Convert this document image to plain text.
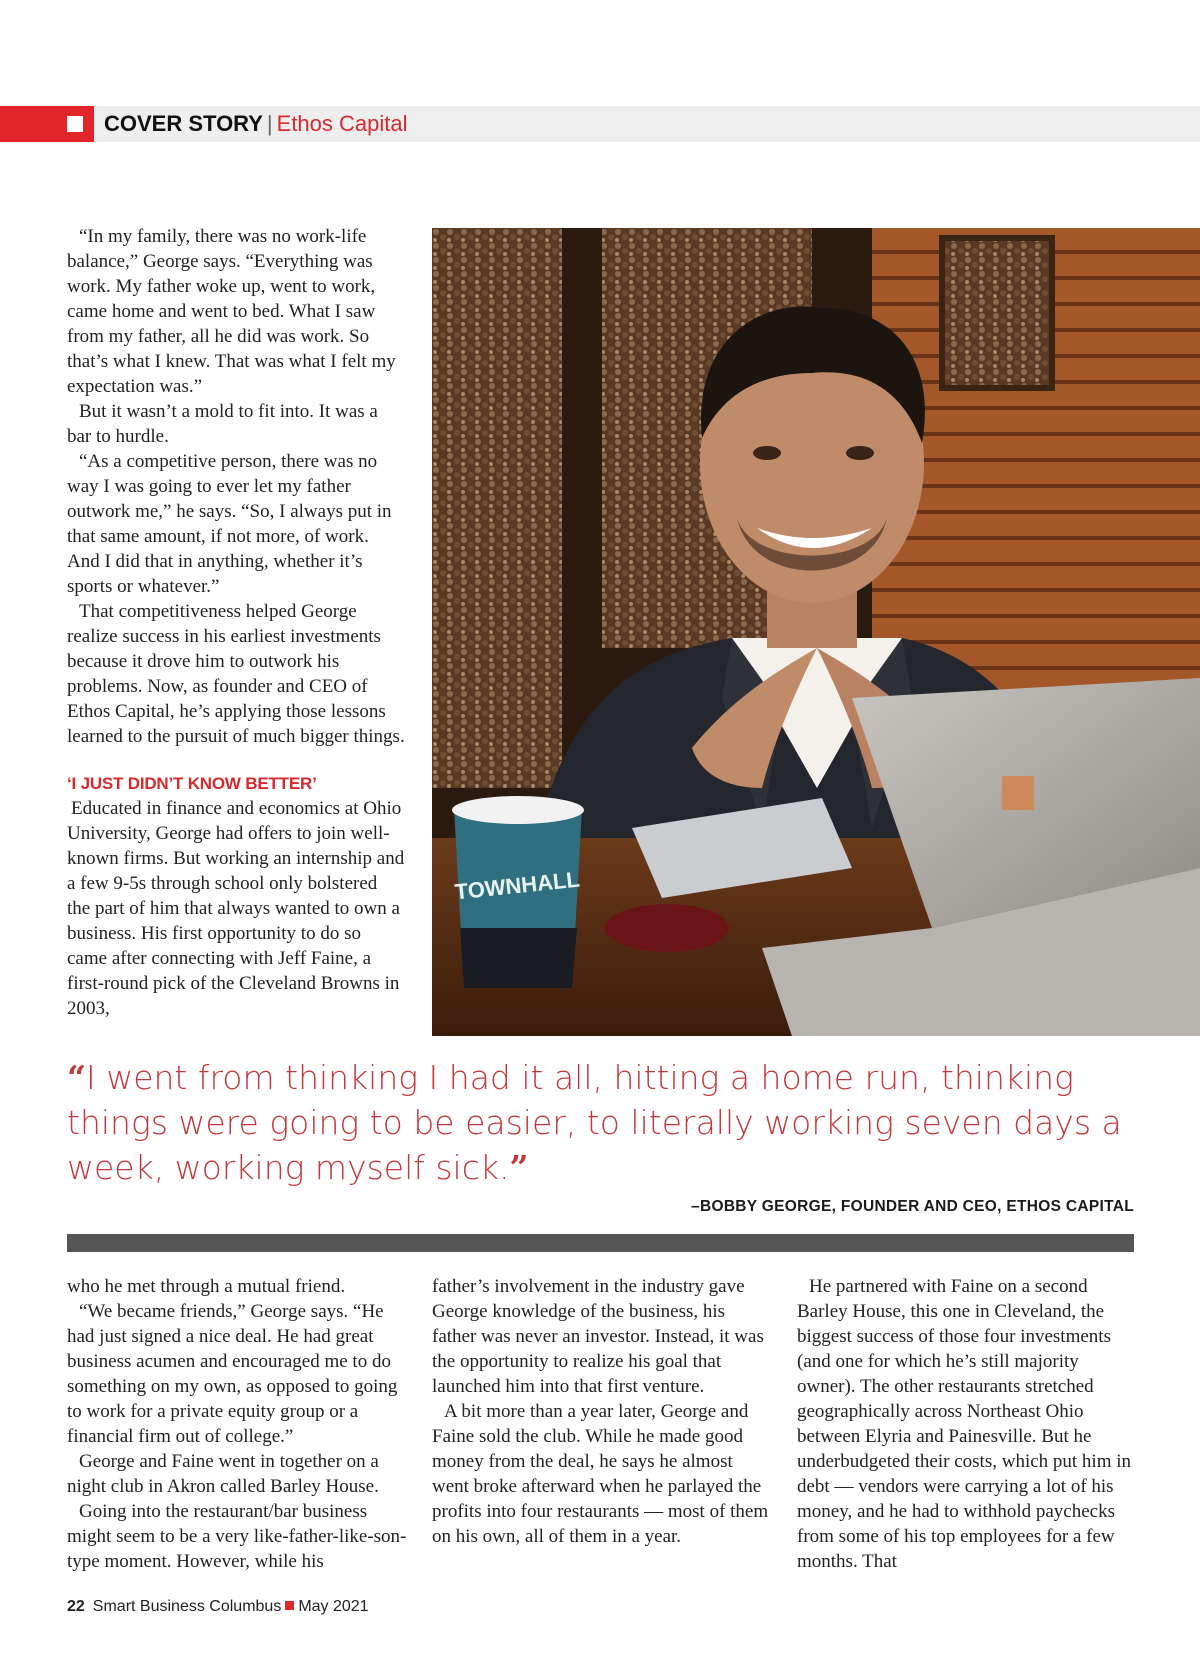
COVER STORY | Ethos Capital

“In my family, there was no work-life balance,” George says. “Everything was work. My father woke up, went to work, came home and went to bed. What I saw from my father, all he did was work. So that’s what I knew. That was what I felt my expectation was.”

But it wasn’t a mold to fit into. It was a bar to hurdle.

“As a competitive person, there was no way I was going to ever let my father outwork me,” he says. “So, I always put in that same amount, if not more, of work. And I did that in anything, whether it’s sports or whatever.”

That competitiveness helped George realize success in his earliest investments because it drove him to outwork his problems. Now, as founder and CEO of Ethos Capital, he’s applying those lessons learned to the pursuit of much bigger things.

‘I JUST DIDN’T KNOW BETTER’

Educated in finance and economics at Ohio University, George had offers to join well-known firms. But working an internship and a few 9-5s through school only bolstered the part of him that always wanted to own a business. His first opportunity to do so came after connecting with Jeff Faine, a first-round pick of the Cleveland Browns in 2003,

TOWNHALL
“I went from thinking I had it all, hitting a home run, thinking things were going to be easier, to literally working seven days a week, working myself sick.”
–BOBBY GEORGE, FOUNDER AND CEO, ETHOS CAPITAL

who he met through a mutual friend.

“We became friends,” George says. “He had just signed a nice deal. He had great business acumen and encouraged me to do something on my own, as opposed to going to work for a private equity group or a financial firm out of college.”

George and Faine went in together on a night club in Akron called Barley House.

Going into the restaurant/bar business might seem to be a very like-father-like-son-type moment. However, while his

father’s involvement in the industry gave George knowledge of the business, his father was never an investor. Instead, it was the opportunity to realize his goal that launched him into that first venture.

A bit more than a year later, George and Faine sold the club. While he made good money from the deal, he says he almost went broke afterward when he parlayed the profits into four restaurants — most of them on his own, all of them in a year.

He partnered with Faine on a second Barley House, this one in Cleveland, the biggest success of those four investments (and one for which he’s still majority owner). The other restaurants stretched geographically across Northeast Ohio between Elyria and Painesville. But he underbudgeted their costs, which put him in debt — vendors were carrying a lot of his money, and he had to withhold paychecks from some of his top employees for a few months. That

22 Smart Business Columbus May 2021
